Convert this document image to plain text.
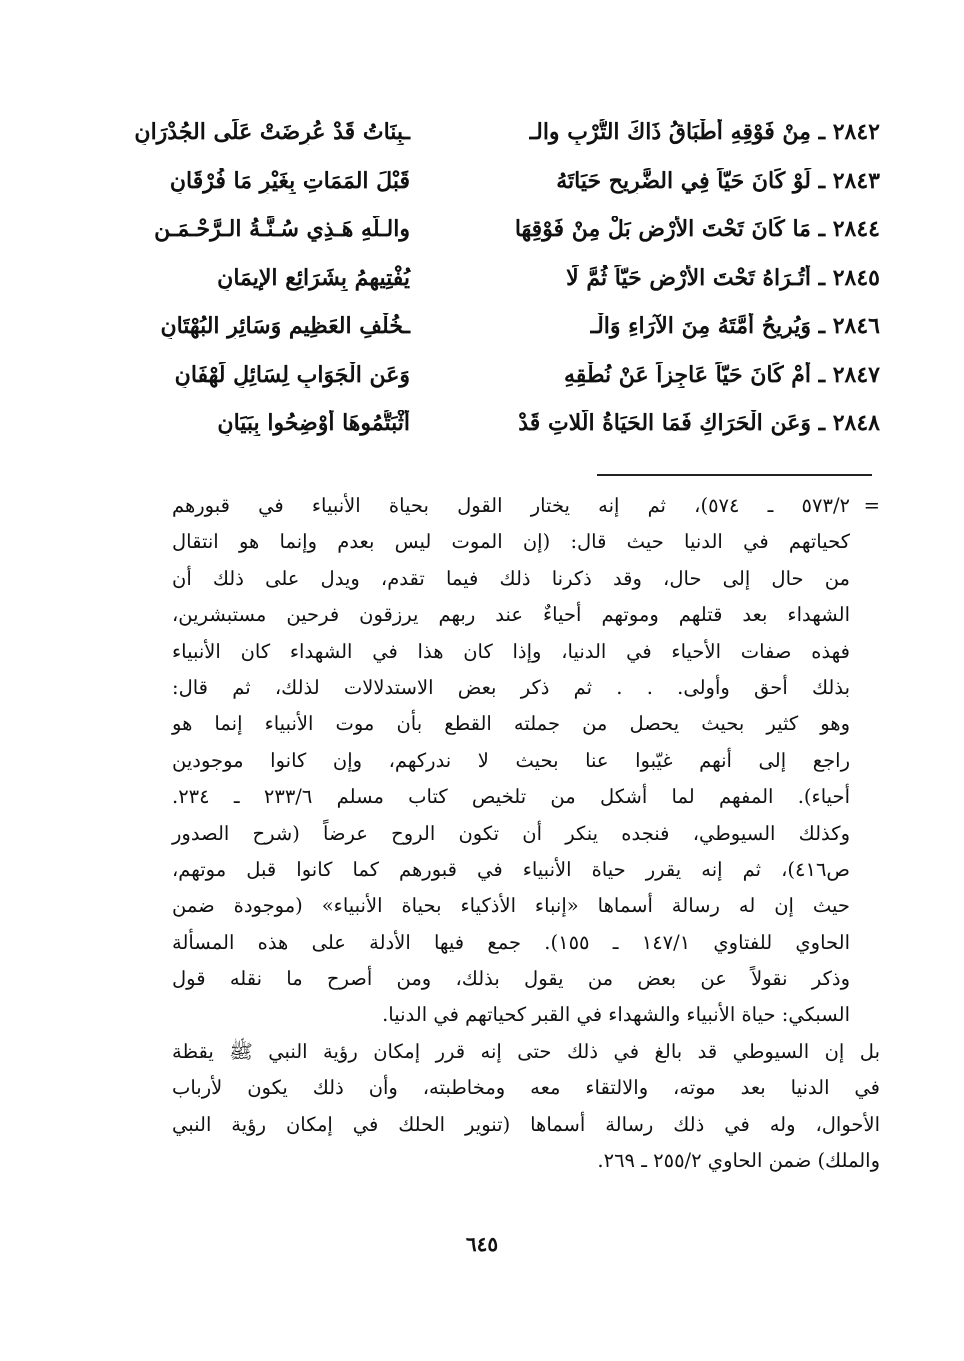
٢٨٤٢ ـ مِنْ فَوْقِهِ أَطْبَاقُ ذَاكَ التُّرْبِ والـ
ـبِنَاتُ قَدْ عُرِضَتْ عَلَى الجُدْرَانِ
٢٨٤٣ ـ لَوْ كَانَ حَيّاً فِي الضَّرِيحِ حَيَاتَهُ
قَبْلَ المَمَاتِ بِغَيْرِ مَا فُرْقَانِ
٢٨٤٤ ـ مَا كَانَ تَحْتَ الأَرْضِ بَلْ مِنْ فَوْقِهَا
والـلَّهِ هَـذِي سُـنَّـةُ الـرَّحْـمَـنِ
٢٨٤٥ ـ أَتُـرَاهُ تَحْتَ الأَرْضِ حَيّاً ثُمَّ لَا
يُفْتِيهِمُ بِشَرَائِعِ الإِيمَانِ
٢٨٤٦ ـ وَيُرِيحُ أُمَّتَهُ مِنَ الآرَاءِ وَالْـ
ـخُلْفِ العَظِيمِ وَسَائِرِ البُهْتَانِ
٢٨٤٧ ـ أَمْ كَانَ حَيّاً عَاجِزاً عَنْ نُطْقِهِ
وَعَنِ الْجَوَابِ لِسَائِلٍ لَهْفَانِ
٢٨٤٨ ـ وَعَنِ الْحَرَاكِ فَمَا الحَيَاةُ الَّلاتِ قَدْ
أَثْبَتُّمُوهَا أَوْضِحُوا بِبَيَانِ
=
٥٧٣/٢ ـ ٥٧٤)، ثم إنه يختار القول بحياة الأنبياء في قبورهم
كحياتهم في الدنيا حيث قال: (إن الموت ليس بعدم وإنما هو انتقال
من حال إلى حال، وقد ذكرنا ذلك فيما تقدم، ويدل على ذلك أن
الشهداء بعد قتلهم وموتهم أحياءٌ عند ربهم يرزقون فرحين مستبشرين،
فهذه صفات الأحياء في الدنيا، وإذا كان هذا في الشهداء كان الأنبياء
بذلك أحق وأولى. . . ثم ذكر بعض الاستدلالات لذلك، ثم قال:
وهو كثير بحيث يحصل من جملته القطع بأن موت الأنبياء إنما هو
راجع إلى أنهم غيّبوا عنا بحيث لا ندركهم، وإن كانوا موجودين
أحياء). المفهم لما أشكل من تلخيص كتاب مسلم ٢٣٣/٦ ـ ٢٣٤.
وكذلك السيوطي، فنجده ينكر أن تكون الروح عرضاً (شرح الصدور
ص٤١٦)، ثم إنه يقرر حياة الأنبياء في قبورهم كما كانوا قبل موتهم،
حيث إن له رسالة أسماها «إنباء الأذكياء بحياة الأنبياء» (موجودة ضمن
الحاوي للفتاوي ١٤٧/١ ـ ١٥٥). جمع فيها الأدلة على هذه المسألة
وذكر نقولاً عن بعض من يقول بذلك، ومن أصرح ما نقله قول
السبكي: حياة الأنبياء والشهداء في القبر كحياتهم في الدنيا.
بل إن السيوطي قد بالغ في ذلك حتى إنه قرر إمكان رؤية النبي ﷺ يقظة
في الدنيا بعد موته، والالتقاء معه ومخاطبته، وأن ذلك يكون لأرباب
الأحوال، وله في ذلك رسالة أسماها (تنوير الحلك في إمكان رؤية النبي
والملك) ضمن الحاوي ٢٥٥/٢ ـ ٢٦٩.
٦٤٥
